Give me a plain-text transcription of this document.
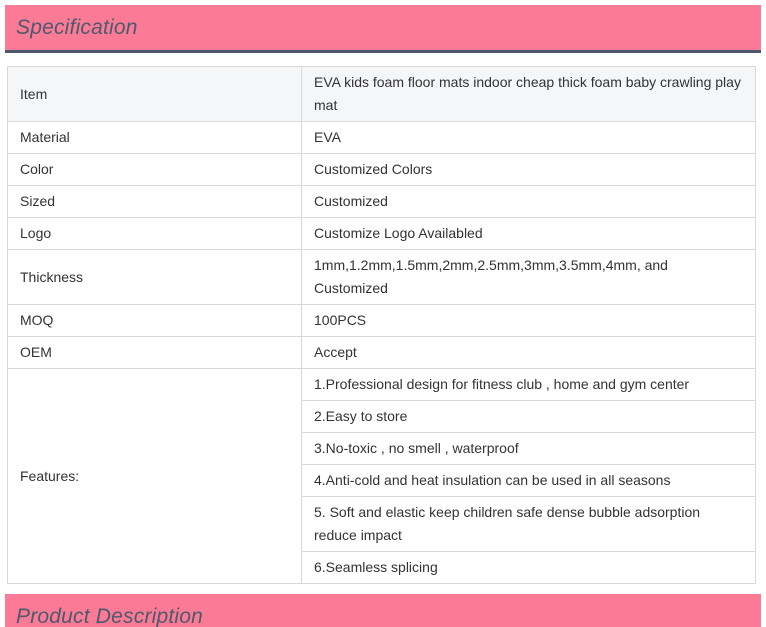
Specification
Item	EVA kids foam floor mats indoor cheap thick foam baby crawling play mat
Material	EVA
Color	Customized Colors
Sized	Customized
Logo	Customize Logo Availabled
Thickness	1mm,1.2mm,1.5mm,2mm,2.5mm,3mm,3.5mm,4mm, and Customized
MOQ	100PCS
OEM	Accept
Features:	1.Professional design for fitness club , home and gym center
	2.Easy to store
	3.No-toxic , no smell , waterproof
	4.Anti-cold and heat insulation can be used in all seasons
	5. Soft and elastic keep children safe dense bubble adsorption reduce impact
	6.Seamless splicing
Product Description
